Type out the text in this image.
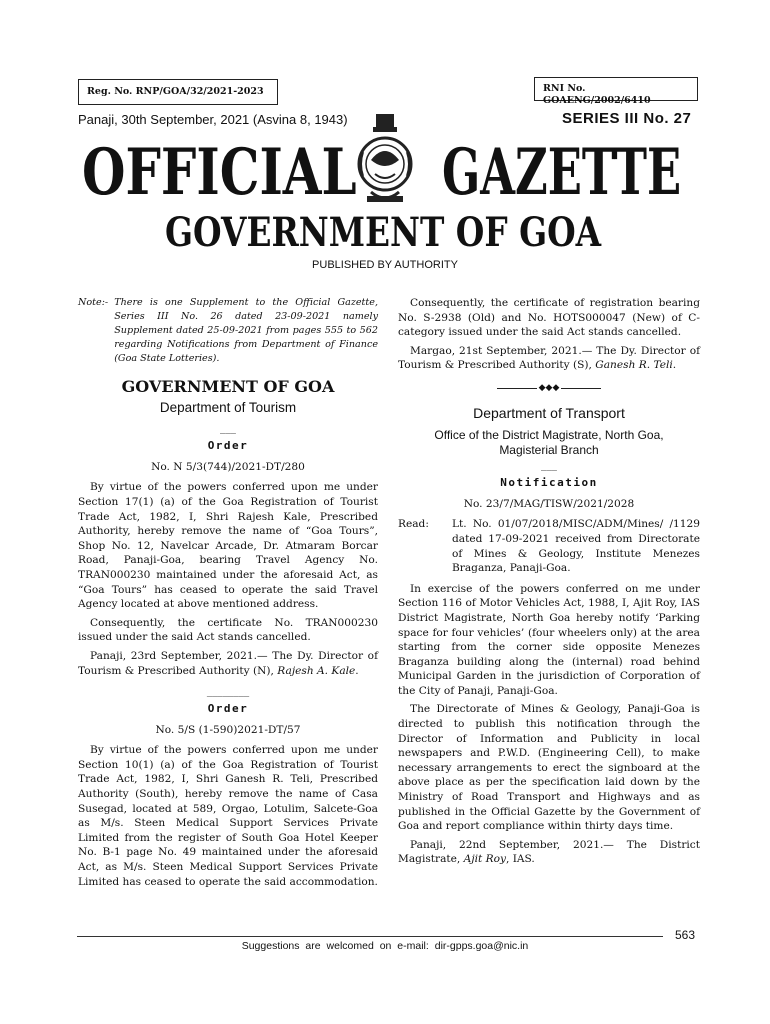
Reg. No. RNP/GOA/32/2021-2023	RNI No. GOAENG/2002/6410
Panaji, 30th September, 2021 (Asvina 8, 1943)	SERIES III No. 27
OFFICIAL GAZETTE
GOVERNMENT OF GOA
PUBLISHED BY AUTHORITY
Note:- There is one Supplement to the Official Gazette, Series III No. 26 dated 23-09-2021 namely Supplement dated 25-09-2021 from pages 555 to 562 regarding Notifications from Department of Finance (Goa State Lotteries).
GOVERNMENT OF GOA
Department of Tourism
___
Order
No. N 5/3(744)/2021-DT/280

By virtue of the powers conferred upon me under Section 17(1) (a) of the Goa Registration of Tourist Trade Act, 1982, I, Shri Rajesh Kale, Prescribed Authority, hereby remove the name of “Goa Tours”, Shop No. 12, Navelcar Arcade, Dr. Atmaram Borcar Road, Panaji-Goa, bearing Travel Agency No. TRAN000230 maintained under the aforesaid Act, as “Goa Tours” has ceased to operate the said Travel Agency located at above mentioned address.

Consequently, the certificate No. TRAN000230 issued under the said Act stands cancelled.

Panaji, 23rd September, 2021.— The Dy. Director of Tourism & Prescribed Authority (N), Rajesh A. Kale.

________
Order
No. 5/S (1-590)2021-DT/57

By virtue of the powers conferred upon me under Section 10(1) (a) of the Goa Registration of Tourist Trade Act, 1982, I, Shri Ganesh R. Teli, Prescribed Authority (South), hereby remove the name of Casa Susegad, located at 589, Orgao, Lotulim, Salcete-Goa as M/s. Steen Medical Support Services Private Limited from the register of South Goa Hotel Keeper No. B-1 page No. 49 maintained under the aforesaid Act, as M/s. Steen Medical Support Services Private Limited has ceased to operate the said accommodation.

Consequently, the certificate of registration bearing No. S-2938 (Old) and No. HOTS000047 (New) of C-category issued under the said Act stands cancelled.

Margao, 21st September, 2021.— The Dy. Director of Tourism & Prescribed Authority (S), Ganesh R. Teli.

◆◆◆
Department of Transport
Office of the District Magistrate, North Goa, Magisterial Branch
___
Notification
No. 23/7/MAG/TISW/2021/2028
Read:	Lt. No. 01/07/2018/MISC/ADM/Mines/ /1129 dated 17-09-2021 received from Directorate of Mines & Geology, Institute Menezes Braganza, Panaji-Goa.

In exercise of the powers conferred on me under Section 116 of Motor Vehicles Act, 1988, I, Ajit Roy, IAS District Magistrate, North Goa hereby notify ‘Parking space for four vehicles’ (four wheelers only) at the area starting from the corner side opposite Menezes Braganza building along the (internal) road behind Municipal Garden in the jurisdiction of Corporation of the City of Panaji, Panaji-Goa.

The Directorate of Mines & Geology, Panaji-Goa is directed to publish this notification through the Director of Information and Publicity in local newspapers and P.W.D. (Engineering Cell), to make necessary arrangements to erect the signboard at the above place as per the specification laid down by the Ministry of Road Transport and Highways and as published in the Official Gazette by the Government of Goa and report compliance within thirty days time.

Panaji, 22nd September, 2021.— The District Magistrate, Ajit Roy, IAS.

563
Suggestions are welcomed on e-mail: dir-gpps.goa@nic.in
